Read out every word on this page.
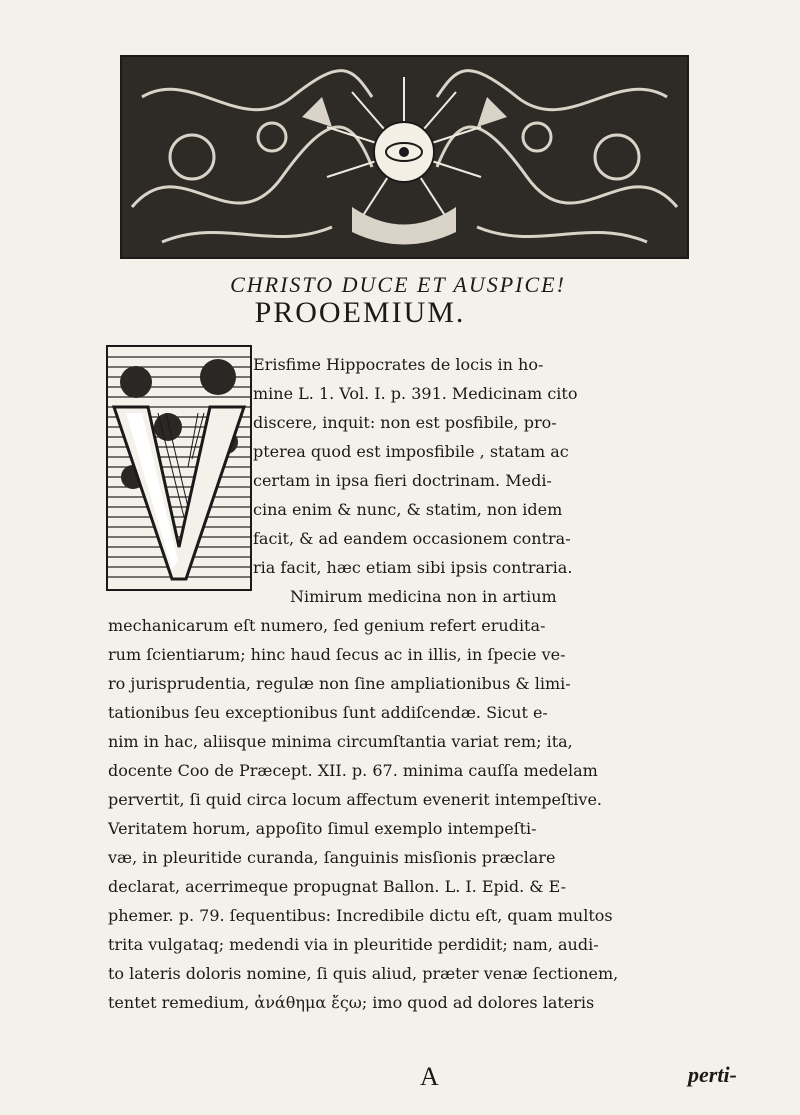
CHRISTO DUCE ET AUSPICE!
PROOEMIUM.
A	perti-
Erisfime Hippocrates de locis in ho-
mine L. 1. Vol. I. p. 391. Medicinam cito
discere, inquit: non est posfibile, pro-
pterea quod est imposfibile , statam ac
certam in ipsa fieri doctrinam. Medi-
cina enim & nunc, & statim, non idem
facit, & ad eandem occasionem contra-
ria facit, hæc etiam sibi ipsis contraria.
Nimirum medicina non in artium
mechanicarum eſt numero, ſed genium refert erudita-
rum ſcientiarum; hinc haud ſecus ac in illis, in ſpecie ve-
ro jurisprudentia, regulæ non ſine ampliationibus & limi-
tationibus ſeu exceptionibus ſunt addiſcendæ. Sicut e-
nim in hac, aliisque minima circumſtantia variat rem; ita,
docente Coo de Præcept. XII. p. 67. minima cauſſa medelam
pervertit, ſi quid circa locum affectum evenerit intempeſtive.
Veritatem horum, appoſito ſimul exemplo intempeſti-
væ, in pleuritide curanda, ſanguinis misſionis præclare
declarat, acerrimeque propugnat Ballon. L. I. Epid. & E-
phemer. p. 79. ſequentibus: Incredibile dictu eſt, quam multos
trita vulgataq; medendi via in pleuritide perdidit; nam, audi-
to lateris doloris nomine, ſi quis aliud, præter venæ ſectionem,
tentet remedium, ἀνάθημα ἔςω; imo quod ad dolores lateris
